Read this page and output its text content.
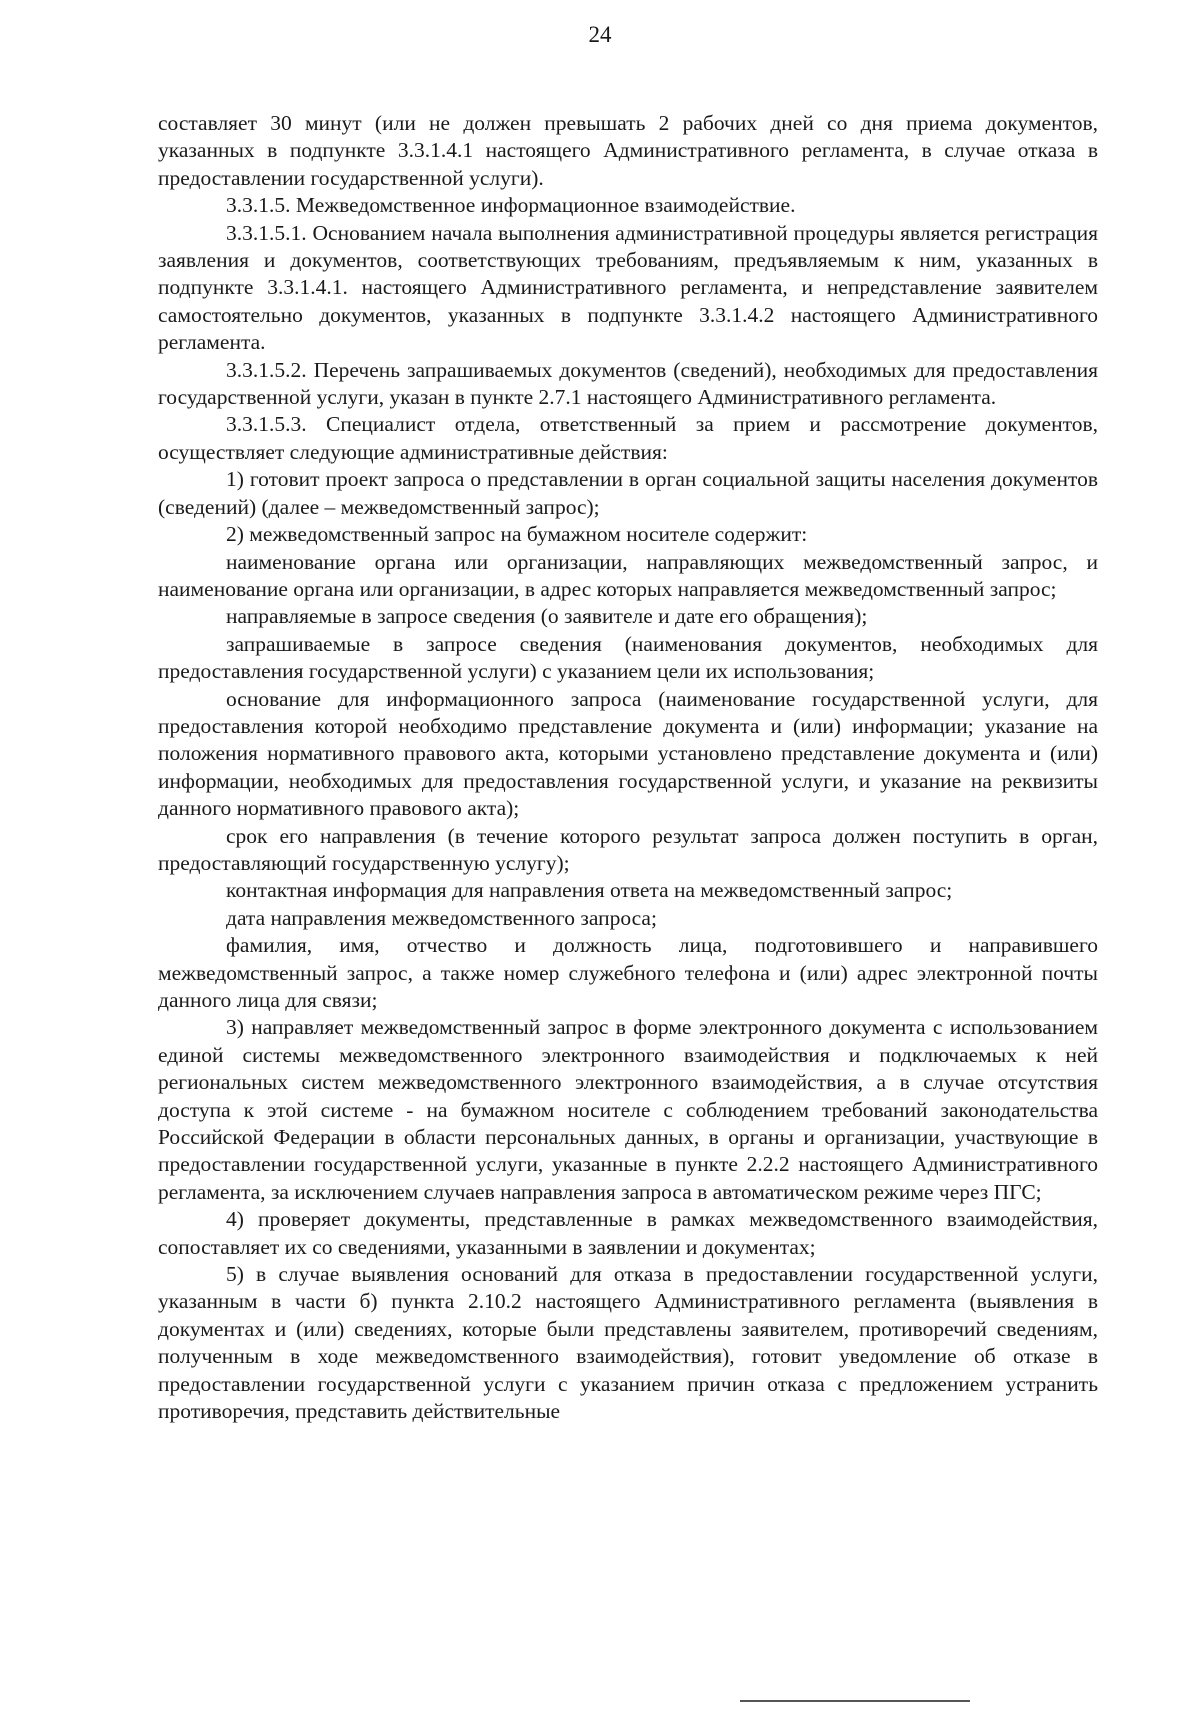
24

составляет 30 минут (или не должен превышать 2 рабочих дней со дня приема документов, указанных в подпункте 3.3.1.4.1 настоящего Административного регламента, в случае отказа в предоставлении государственной услуги).

3.3.1.5. Межведомственное информационное взаимодействие.

3.3.1.5.1. Основанием начала выполнения административной процедуры является регистрация заявления и документов, соответствующих требованиям, предъявляемым к ним, указанных в подпункте 3.3.1.4.1. настоящего Административного регламента, и непредставление заявителем самостоятельно документов, указанных в подпункте 3.3.1.4.2 настоящего Административного регламента.

3.3.1.5.2. Перечень запрашиваемых документов (сведений), необходимых для предоставления государственной услуги, указан в пункте 2.7.1 настоящего Административного регламента.

3.3.1.5.3. Специалист отдела, ответственный за прием и рассмотрение документов, осуществляет следующие административные действия:

1) готовит проект запроса о представлении в орган социальной защиты населения документов (сведений) (далее – межведомственный запрос);

2) межведомственный запрос на бумажном носителе содержит:

наименование органа или организации, направляющих межведомственный запрос, и наименование органа или организации, в адрес которых направляется межведомственный запрос;

направляемые в запросе сведения (о заявителе и дате его обращения);

запрашиваемые в запросе сведения (наименования документов, необходимых для предоставления государственной услуги) с указанием цели их использования;

основание для информационного запроса (наименование государственной услуги, для предоставления которой необходимо представление документа и (или) информации; указание на положения нормативного правового акта, которыми установлено представление документа и (или) информации, необходимых для предоставления государственной услуги, и указание на реквизиты данного нормативного правового акта);

срок его направления (в течение которого результат запроса должен поступить в орган, предоставляющий государственную услугу);

контактная информация для направления ответа на межведомственный запрос;

дата направления межведомственного запроса;

фамилия, имя, отчество и должность лица, подготовившего и направившего межведомственный запрос, а также номер служебного телефона и (или) адрес электронной почты данного лица для связи;

3) направляет межведомственный запрос в форме электронного документа с использованием единой системы межведомственного электронного взаимодействия и подключаемых к ней региональных систем межведомственного электронного взаимодействия, а в случае отсутствия доступа к этой системе - на бумажном носителе с соблюдением требований законодательства Российской Федерации в области персональных данных, в органы и организации, участвующие в предоставлении государственной услуги, указанные в пункте 2.2.2 настоящего Административного регламента, за исключением случаев направления запроса в автоматическом режиме через ПГС;

4) проверяет документы, представленные в рамках межведомственного взаимодействия, сопоставляет их со сведениями, указанными в заявлении и документах;

5) в случае выявления оснований для отказа в предоставлении государственной услуги, указанным в части б) пункта 2.10.2 настоящего Административного регламента (выявления в документах и (или) сведениях, которые были представлены заявителем, противоречий сведениям, полученным в ходе межведомственного взаимодействия), готовит уведомление об отказе в предоставлении государственной услуги с указанием причин отказа с предложением устранить противоречия, представить действительные
